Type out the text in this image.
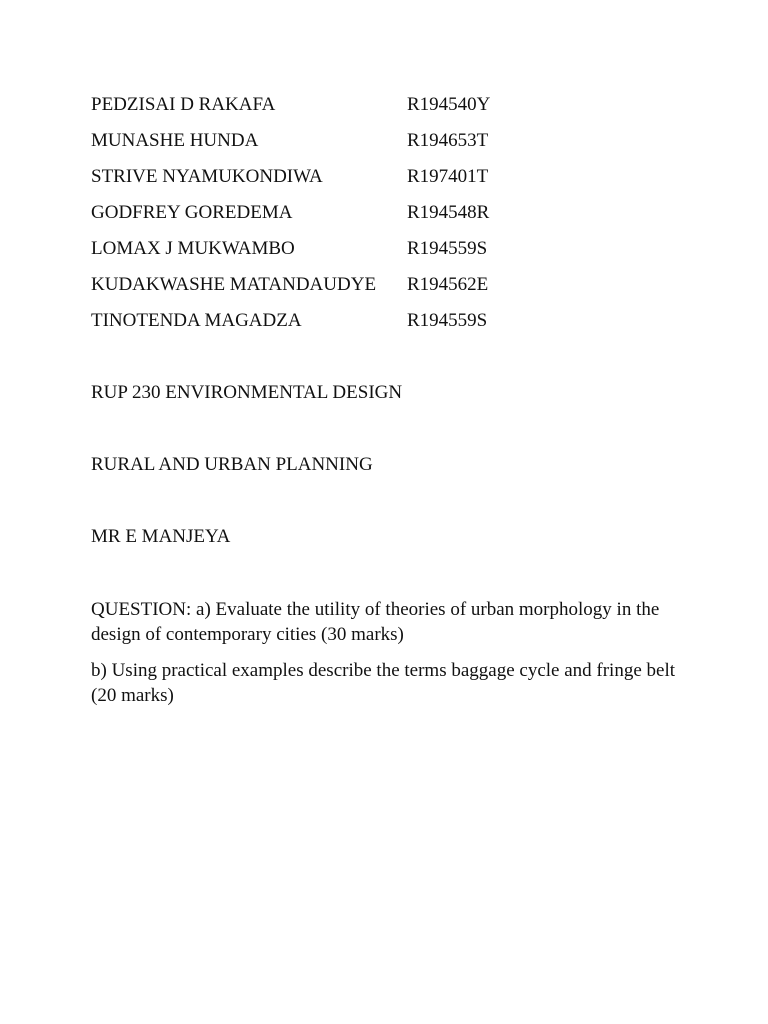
PEDZISAI D RAKAFA	R194540Y
MUNASHE HUNDA	R194653T
STRIVE NYAMUKONDIWA	R197401T
GODFREY GOREDEMA	R194548R
LOMAX J MUKWAMBO	R194559S
KUDAKWASHE MATANDAUDYE	R194562E
TINOTENDA MAGADZA	R194559S
RUP 230 ENVIRONMENTAL DESIGN
RURAL AND URBAN PLANNING
MR E MANJEYA
QUESTION: a) Evaluate the utility of theories of urban morphology in the design of contemporary cities (30 marks)
b) Using practical examples describe the terms baggage cycle and fringe belt (20 marks)
